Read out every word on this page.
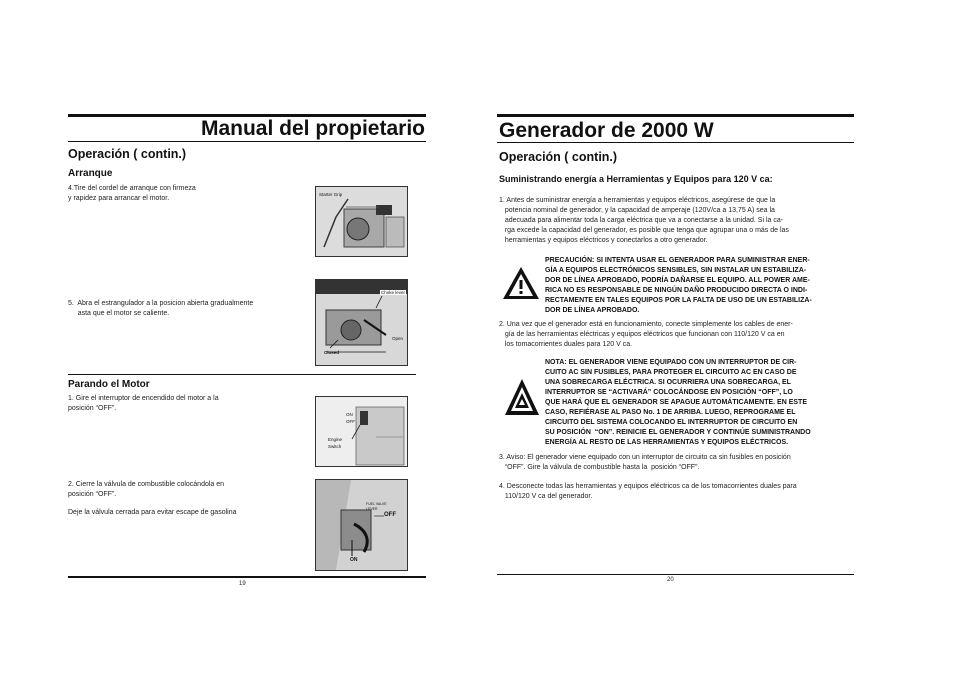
Manual del propietario
Operación ( contin.)
Arranque
4.Tire del cordel de arranque con firmeza
y rapidez para arrancar el motor.
Starter Grip
5.  Abra el estrangulador a la posicion abierta gradualmente
asta que el motor se caliente.
Choke lever
Open
Closed
Parando el Motor
1. Gire el interruptor de encendido del motor a la
posición “OFF”.
ON
OFF
Engine
Switch
2. Cierre la válvula de combustible colocándola en
posición “OFF”.
Deje la válvula cerrada para evitar escape de gasolina
FUEL VALVE
LEVER
OFF
ON
19
Generador de 2000 W
Operación ( contin.)
Suministrando energía a Herramientas y Equipos para 120 V ca:
1. Antes de suministrar energía a herramientas y equipos eléctricos, asegúrese de que la
potencia nominal de generador, y la capacidad de amperaje (120V/ca a 13,75 A) sea la
adecuada para alimentar toda la carga eléctrica que va a conectarse a la unidad. Si la ca-
rga excede la capacidad del generador, es posible que tenga que agrupar una o más de las
herramientas y equipos eléctricos y conectarlos a otro generador.
PRECAUCIÓN: SI INTENTA USAR EL GENERADOR PARA SUMINISTRAR ENER-
GÍA A EQUIPOS ELECTRÓNICOS SENSIBLES, SIN INSTALAR UN ESTABILIZA-
DOR DE LÍNEA APROBADO, PODRÍA DAÑARSE EL EQUIPO. ALL POWER AME-
RICA NO ES RESPONSABLE DE NINGÚN DAÑO PRODUCIDO DIRECTA O INDI-
RECTAMENTE EN TALES EQUIPOS POR LA FALTA DE USO DE UN ESTABILIZA-
DOR DE LÍNEA APROBADO.
2. Una vez que el generador está en funcionamiento, conecte simplemente los cables de ener-
gía de las herramientas eléctricas y equipos eléctricos que funcionan con 110/120 V ca en
los tomacorrientes duales para 120 V ca.
NOTA: EL GENERADOR VIENE EQUIPADO CON UN INTERRUPTOR DE CIR-
CUITO AC SIN FUSIBLES, PARA PROTEGER EL CIRCUITO AC EN CASO DE
UNA SOBRECARGA ELÉCTRICA. SI OCURRIERA UNA SOBRECARGA, EL
INTERRUPTOR SE “ACTIVARÁ” COLOCÁNDOSE EN POSICIÓN “OFF”, LO
QUE HARÁ QUE EL GENERADOR SE APAGUE AUTOMÁTICAMENTE. EN ESTE
CASO, REFIÉRASE AL PASO No. 1 DE ARRIBA. LUEGO, REPROGRAME EL
CIRCUITO DEL SISTEMA COLOCANDO EL INTERRUPTOR DE CIRCUITO EN
SU POSICIÓN  “ON”. REINICIE EL GENERADOR Y CONTINÚE SUMINISTRANDO
ENERGÍA AL RESTO DE LAS HERRAMIENTAS Y EQUIPOS ELÉCTRICOS.
3. Aviso: El generador viene equipado con un interruptor de circuito ca sin fusibles en posición
“OFF”. Gire la válvula de combustible hasta la  posición “OFF”.
4. Desconecte todas las herramientas y equipos eléctricos ca de los tomacorrientes duales para
110/120 V ca del generador.
20
